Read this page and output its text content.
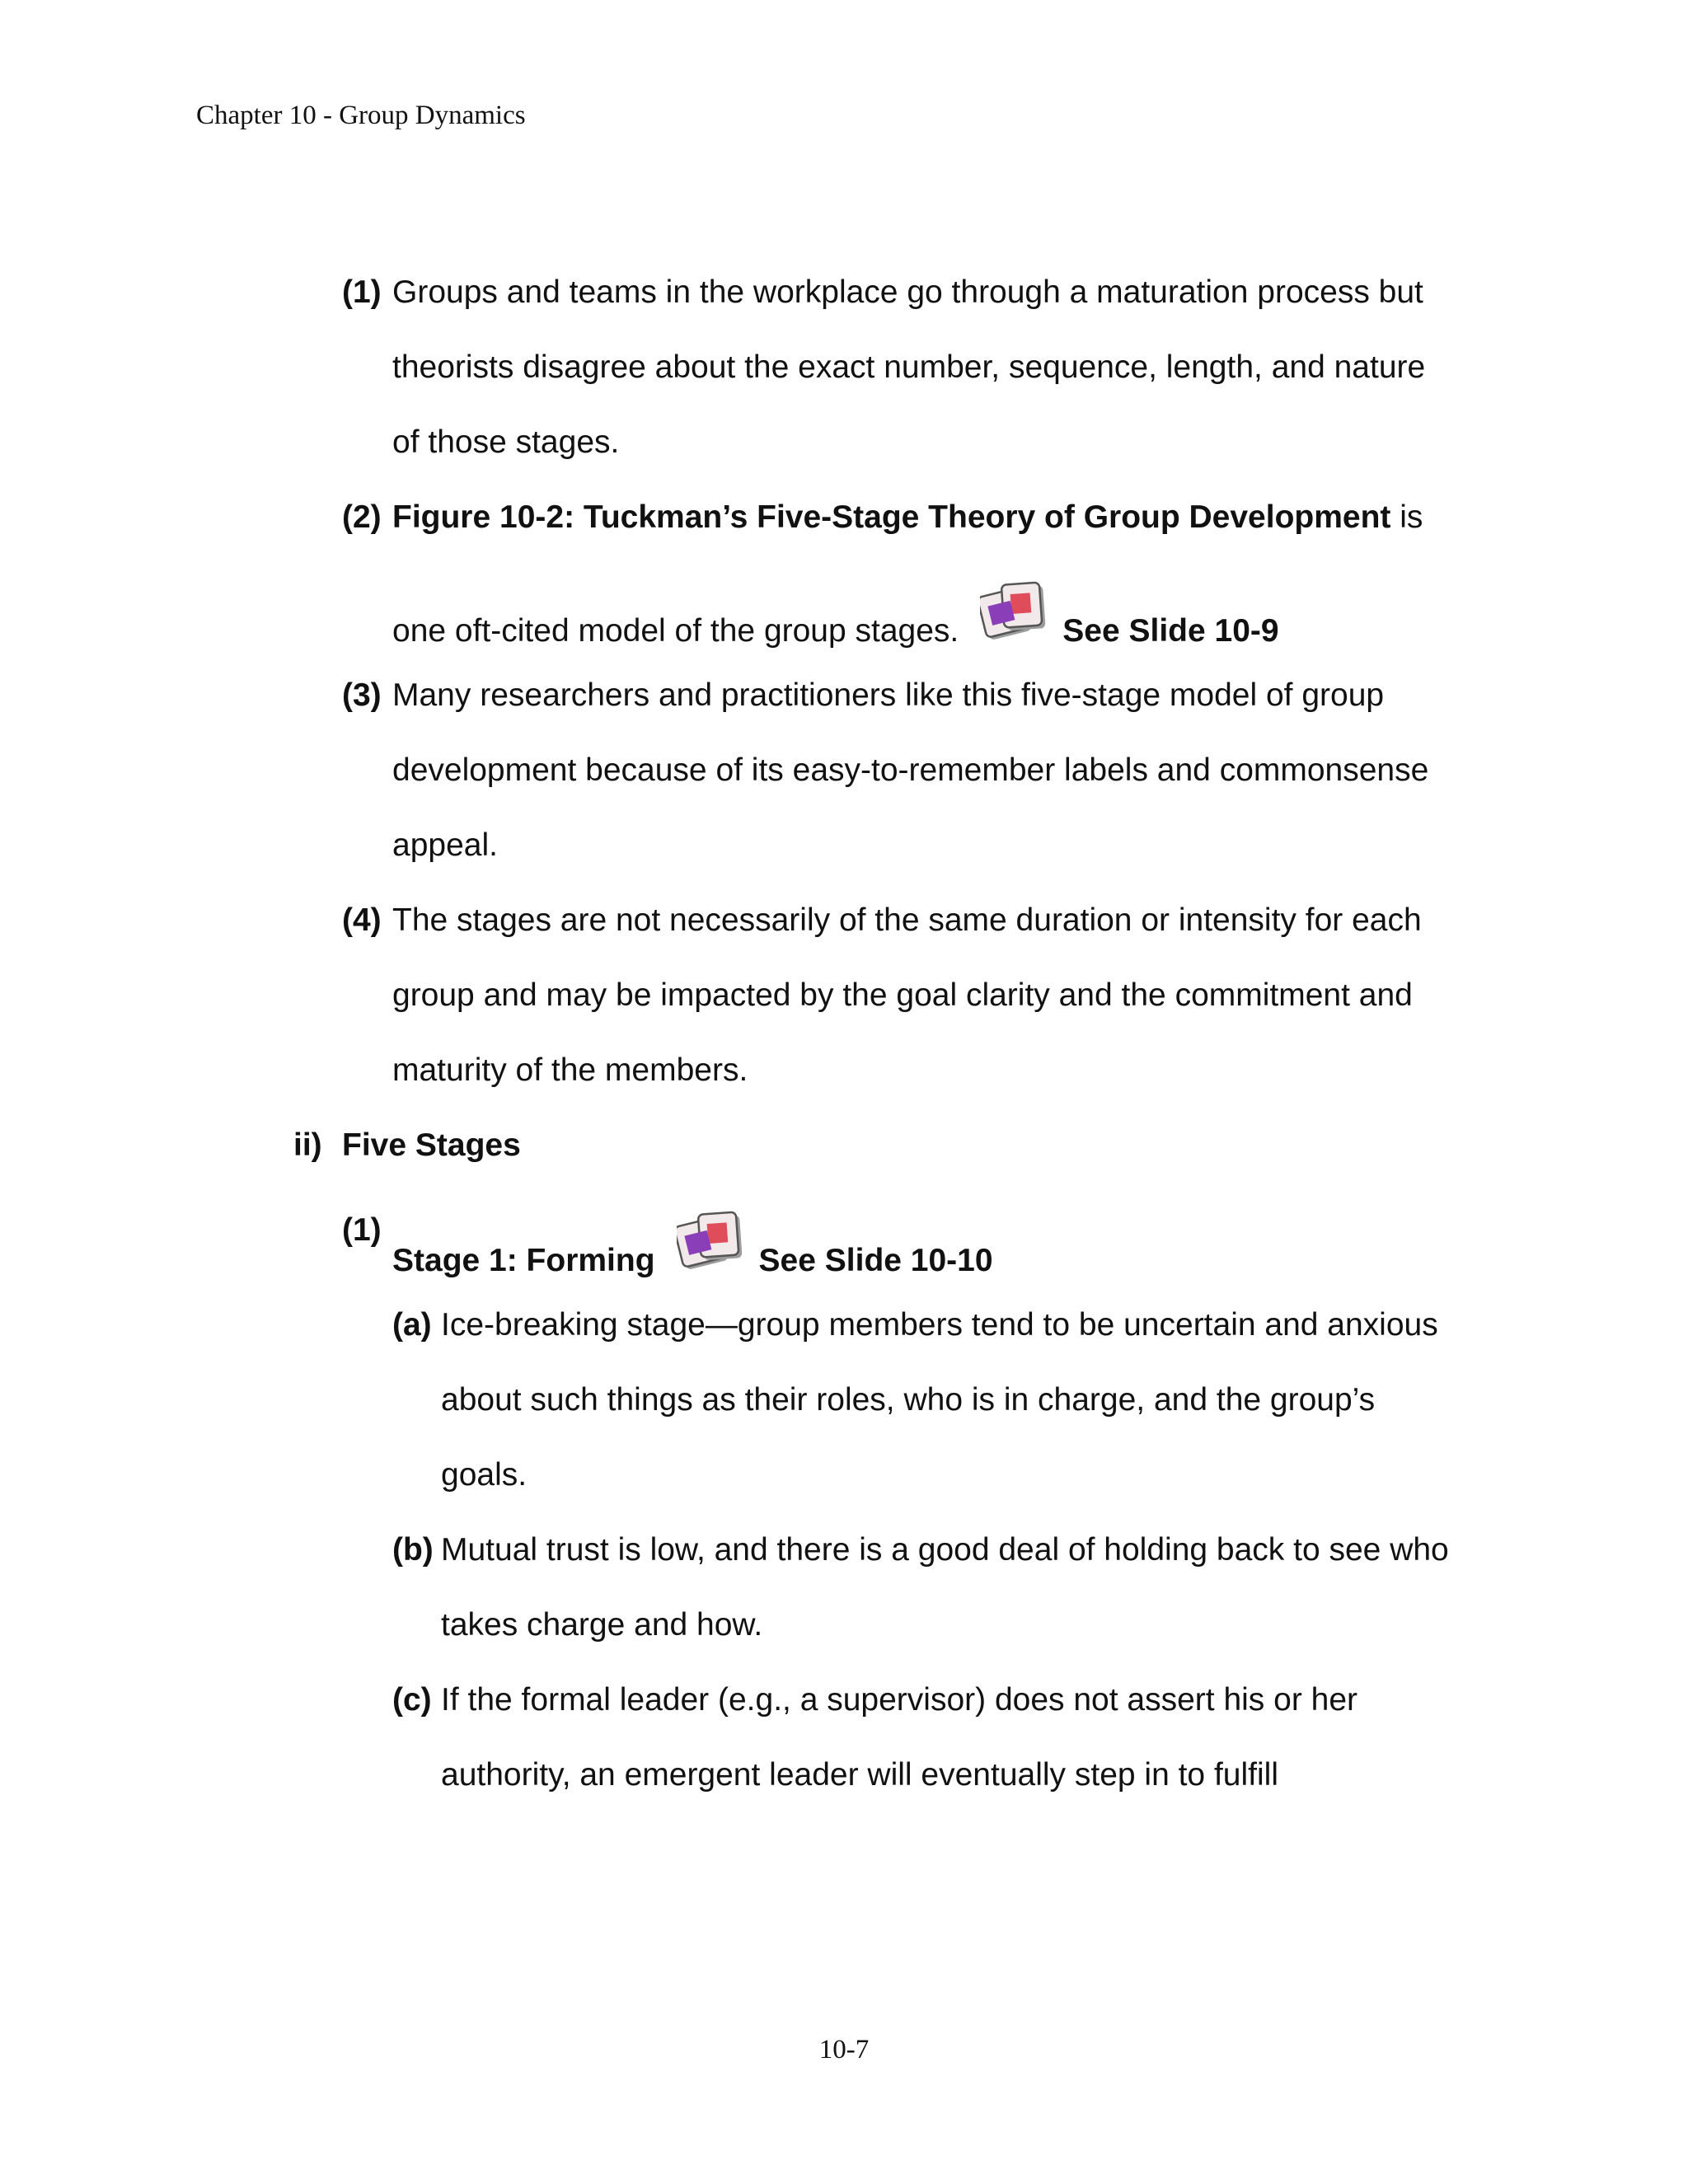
Chapter 10 - Group Dynamics
(1) Groups and teams in the workplace go through a maturation process but
theorists disagree about the exact number, sequence, length, and nature
of those stages.
(2) Figure 10-2: Tuckman’s Five-Stage Theory of Group Development is
one oft-cited model of the group stages.	See Slide 10-9
(3) Many researchers and practitioners like this five-stage model of group
development because of its easy-to-remember labels and commonsense
appeal.
(4) The stages are not necessarily of the same duration or intensity for each
group and may be impacted by the goal clarity and the commitment and
maturity of the members.
ii) Five Stages
(1)
Stage 1: Forming	See Slide 10-10
(a) Ice-breaking stage—group members tend to be uncertain and anxious
about such things as their roles, who is in charge, and the group’s
goals.
(b) Mutual trust is low, and there is a good deal of holding back to see who
takes charge and how.
(c) If the formal leader (e.g., a supervisor) does not assert his or her
authority, an emergent leader will eventually step in to fulfill
10-7
